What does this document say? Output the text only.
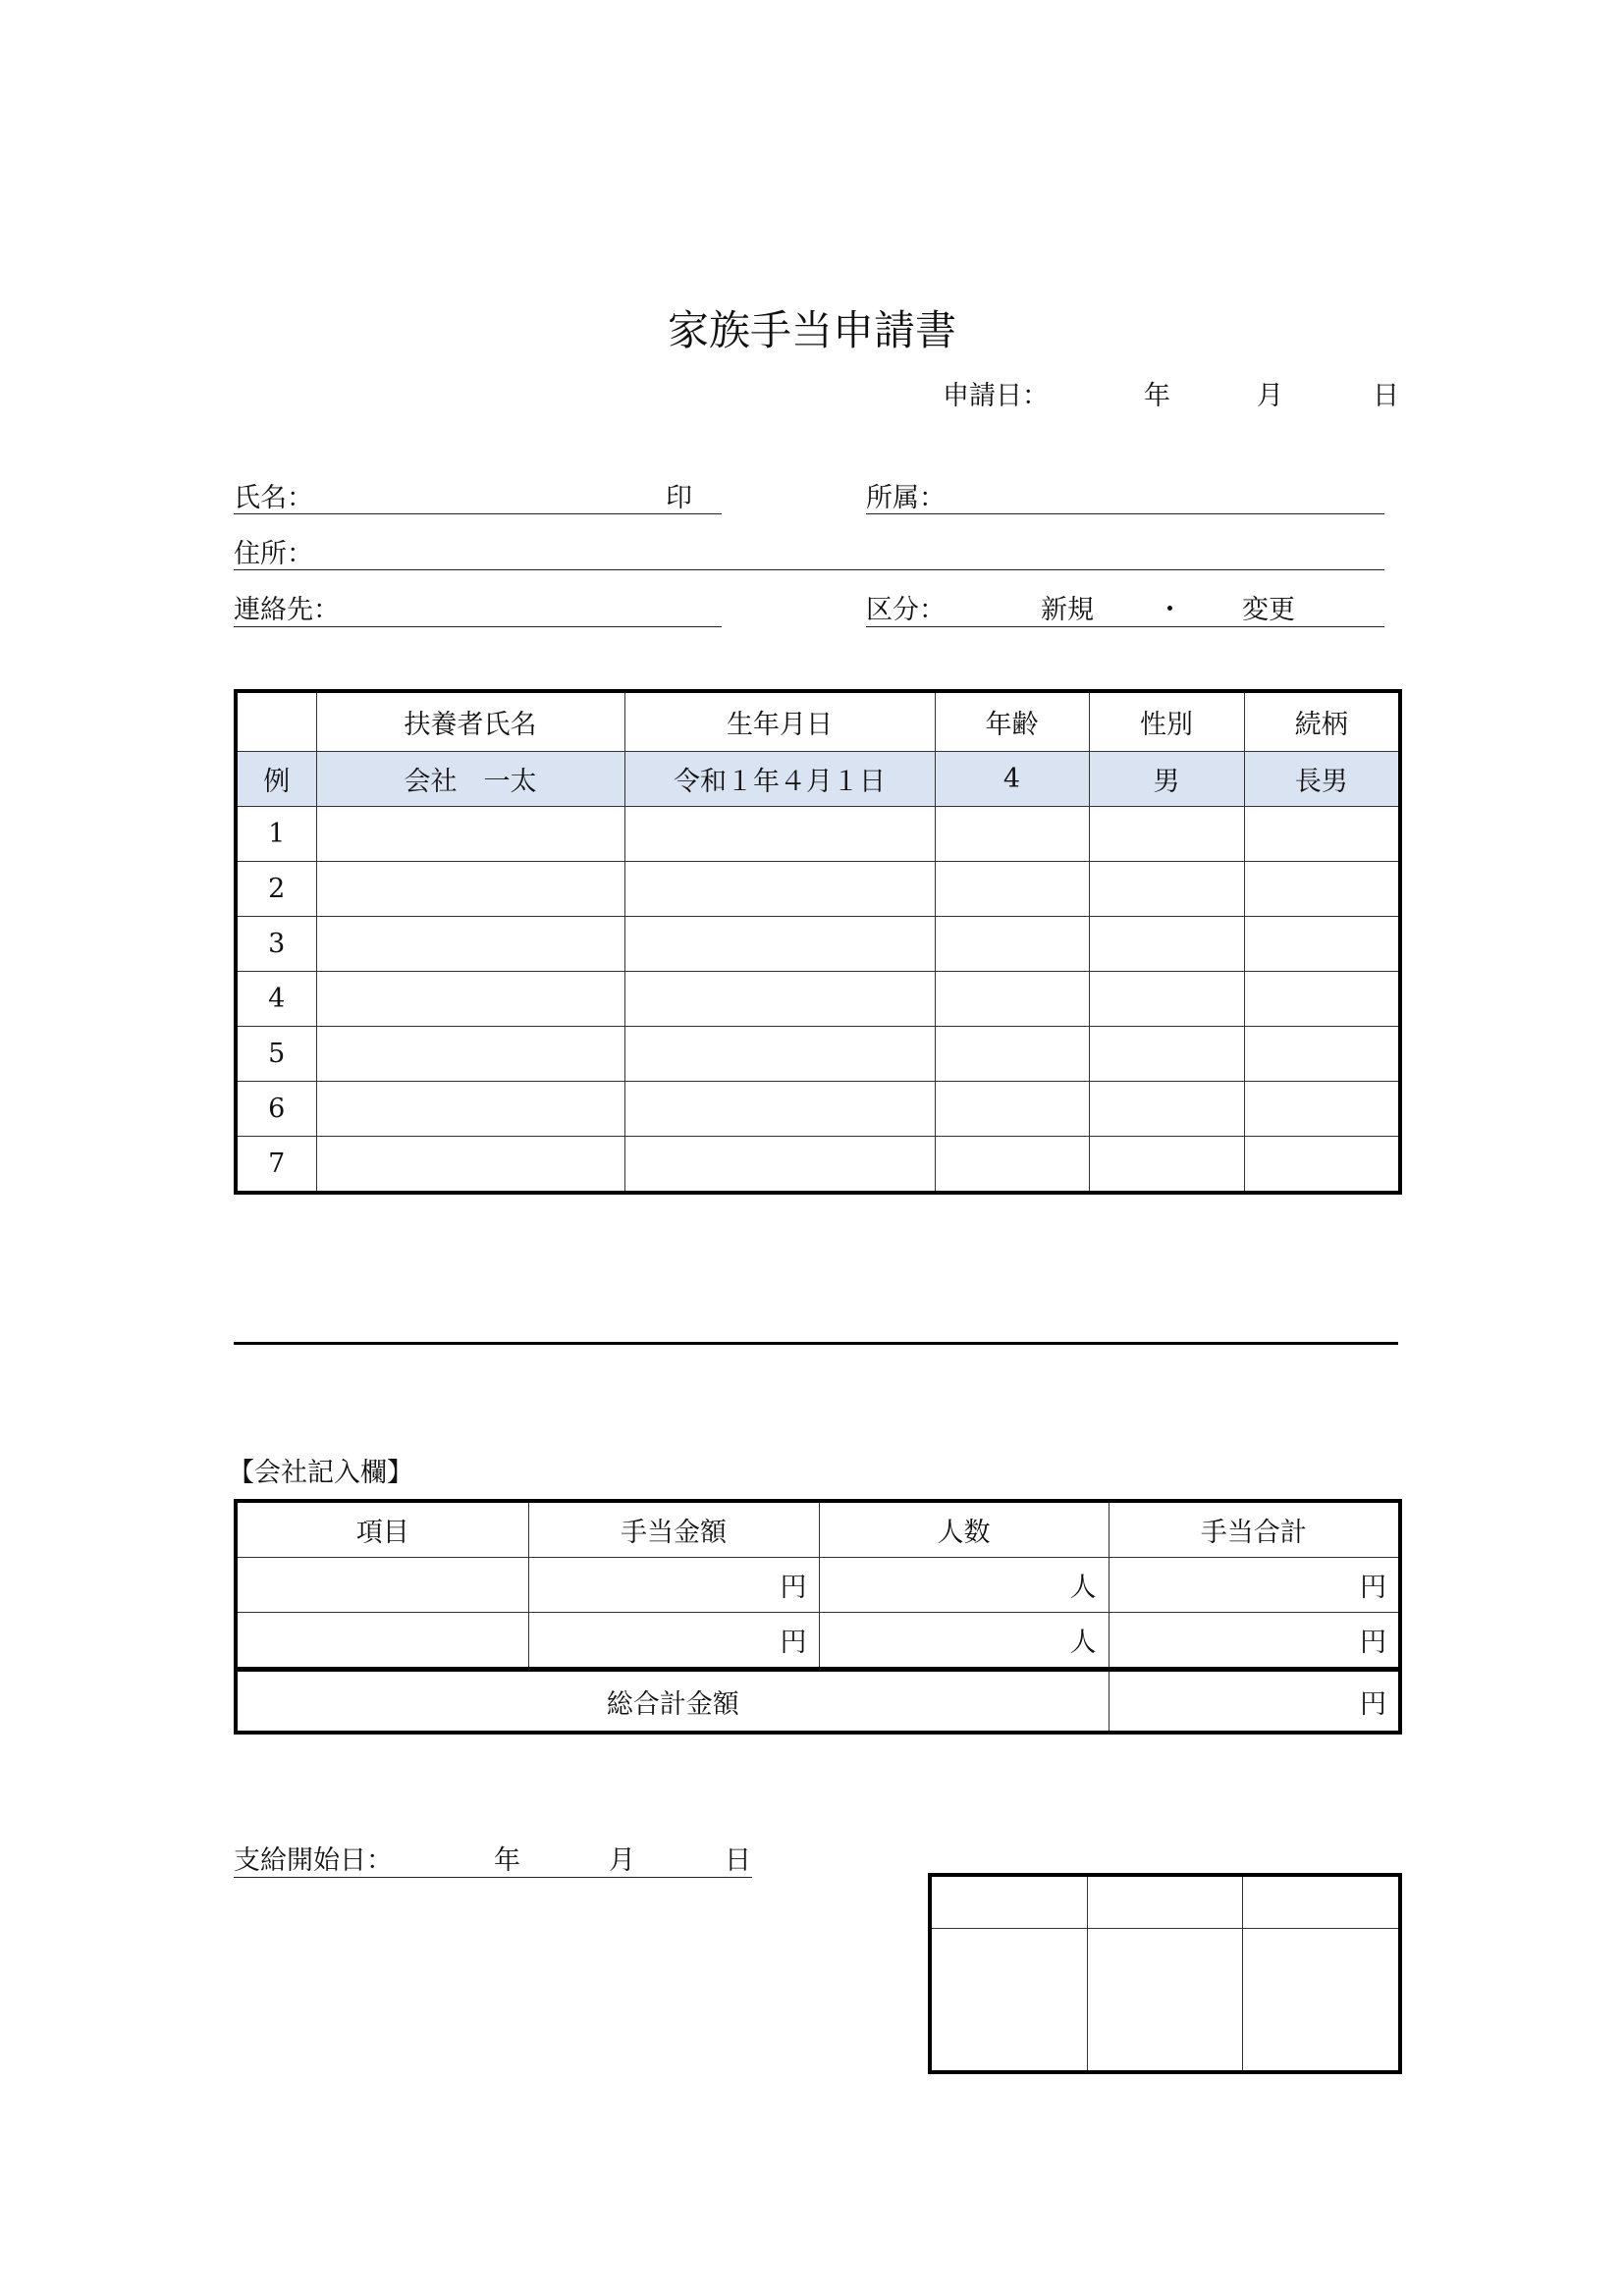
家族手当申請書
申請日：	年	月	日
氏名：	印	所属：
住所：
連絡先：	区分：	新規 ・ 変更
	扶養者氏名	生年月日	年齢	性別	続柄
例	会社　一太	令和１年４月１日	4	男	長男
1					
2					
3					
4					
5					
6					
7					
【会社記入欄】
項目	手当金額	人数	手当合計
	円	人	円
	円	人	円
総合計金額			円
支給開始日：	年	月	日
